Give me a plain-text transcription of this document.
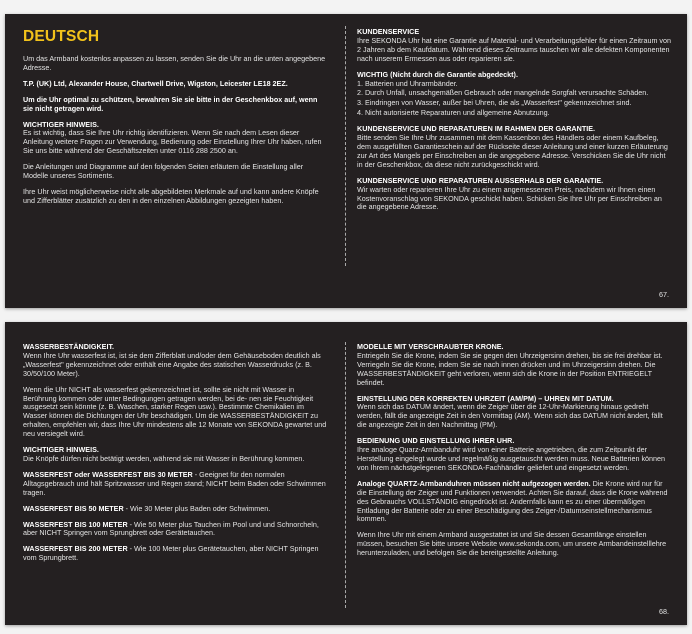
DEUTSCH

Um das Armband kostenlos anpassen zu lassen, senden Sie die Uhr an die unten angegebene Adresse.

T.P. (UK) Ltd, Alexander House, Chartwell Drive, Wigston, Leicester LE18 2EZ.

Um die Uhr optimal zu schützen, bewahren Sie sie bitte in der Geschenkbox auf, wenn sie nicht getragen wird.

WICHTIGER HINWEIS.

Es ist wichtig, dass Sie Ihre Uhr richtig identifizieren. Wenn Sie nach dem Lesen dieser Anleitung weitere Fragen zur Verwendung, Bedienung oder Einstellung Ihrer Uhr haben, rufen Sie uns bitte während der Geschäftszeiten unter 0116 288 2500 an.

Die Anleitungen und Diagramme auf den folgenden Seiten erläutern die Einstellung aller Modelle unseres Sortiments.

Ihre Uhr weist möglicherweise nicht alle abgebildeten Merkmale auf und kann andere Knöpfe und Zifferblätter zusätzlich zu den in den einzelnen Abbildungen gezeigten haben.

KUNDENSERVICE

Ihre SEKONDA Uhr hat eine Garantie auf Material- und Verarbeitungsfehler für einen Zeitraum von 2 Jahren ab dem Kaufdatum. Während dieses Zeitraums tauschen wir alle defekten Komponenten nach unserem Ermessen aus oder reparieren sie.

WICHTIG (Nicht durch die Garantie abgedeckt).
1. Batterien und Uhrarmbänder.
2. Durch Unfall, unsachgemäßen Gebrauch oder mangelnde Sorgfalt verursachte Schäden.
3. Eindringen von Wasser, außer bei Uhren, die als „Wasserfest" gekennzeichnet sind.
4. Nicht autorisierte Reparaturen und allgemeine Abnutzung.
KUNDENSERVICE UND REPARATUREN IM RAHMEN DER GARANTIE.

Bitte senden Sie Ihre Uhr zusammen mit dem Kassenbon des Händlers oder einem Kaufbeleg, dem ausgefüllten Garantieschein auf der Rückseite dieser Anleitung und einer kurzen Erläuterung zur Art des Mangels per Einschreiben an die angegebene Adresse. Verschicken Sie die Uhr nicht in der Geschenkbox, da diese nicht zurückgeschickt wird.

KUNDENSERVICE UND REPARATUREN AUSSERHALB DER GARANTIE.

Wir warten oder reparieren Ihre Uhr zu einem angemessenen Preis, nachdem wir Ihnen einen Kostenvoranschlag von SEKONDA geschickt haben. Schicken Sie Ihre Uhr per Einschreiben an die angegebene Adresse.

67.
WASSERBESTÄNDIGKEIT.

Wenn Ihre Uhr wasserfest ist, ist sie dem Zifferblatt und/oder dem Gehäuseboden deutlich als „Wasserfest" gekennzeichnet oder enthält eine Angabe des statischen Wasserdrucks (z. B. 30/50/100 Meter).

Wenn die Uhr NICHT als wasserfest gekennzeichnet ist, sollte sie nicht mit Wasser in Berührung kommen oder unter Bedingungen getragen werden, bei de- nen sie Feuchtigkeit ausgesetzt sein könnte (z. B. Waschen, starker Regen usw.). Bestimmte Chemikalien im Wasser können die Dichtungen der Uhr beschädigen. Um die WASSERBESTÄNDIGKEIT zu erhalten, empfehlen wir, dass Ihre Uhr mindestens alle 12 Monate von SEKONDA gewartet und neu versiegelt wird.

WICHTIGER HINWEIS.

Die Knöpfe dürfen nicht betätigt werden, während sie mit Wasser in Berührung kommen.

WASSERFEST oder WASSERFEST BIS 30 METER - Geeignet für den normalen Alltagsgebrauch und hält Spritzwasser und Regen stand; NICHT beim Baden oder Schwimmen tragen.

WASSERFEST BIS 50 METER - Wie 30 Meter plus Baden oder Schwimmen.

WASSERFEST BIS 100 METER - Wie 50 Meter plus Tauchen im Pool und und Schnorcheln, aber NICHT Springen vom Sprungbrett oder Gerätetauchen.

WASSERFEST BIS 200 METER - Wie 100 Meter plus Gerätetauchen, aber NICHT Springen vom Sprungbrett.

MODELLE MIT VERSCHRAUBTER KRONE.

Entriegeln Sie die Krone, indem Sie sie gegen den Uhrzeigersinn drehen, bis sie frei drehbar ist. Verriegeln Sie die Krone, indem Sie sie nach innen drücken und im Uhrzeigersinn drehen. Die WASSERBESTÄNDIGKEIT geht verloren, wenn sich die Krone in der Position ENTRIEGELT befindet.

EINSTELLUNG DER KORREKTEN UHRZEIT (AM/PM) – UHREN MIT DATUM.

Wenn sich das DATUM ändert, wenn die Zeiger über die 12-Uhr-Markierung hinaus gedreht werden, fällt die angezeigte Zeit in den Vormittag (AM). Wenn sich das DATUM nicht ändert, fällt die angezeigte Zeit in den Nachmittag (PM).

BEDIENUNG UND EINSTELLUNG IHRER UHR.

Ihre analoge Quarz-Armbanduhr wird von einer Batterie angetrieben, die zum Zeitpunkt der Herstellung eingelegt wurde und regelmäßig ausgetauscht werden muss. Neue Batterien können von Ihrem nächstgelegenen SEKONDA-Fachhändler geliefert und eingesetzt werden.

Analoge QUARTZ-Armbanduhren müssen nicht aufgezogen werden. Die Krone wird nur für die Einstellung der Zeiger und Funktionen verwendet. Achten Sie darauf, dass die Krone während des Gebrauchs VOLLSTÄNDIG eingedrückt ist. Andernfalls kann es zu einer übermäßigen Entladung der Batterie oder zu einer Beschädigung des Zeiger-/Datumseinstellmechanismus kommen.

Wenn Ihre Uhr mit einem Armband ausgestattet ist und Sie dessen Gesamtlänge einstellen müssen, besuchen Sie bitte unsere Website www.sekonda.com, um unsere Armbandeinstelllehre herunterzuladen, und befolgen Sie die bereitgestellte Anleitung.

68.
